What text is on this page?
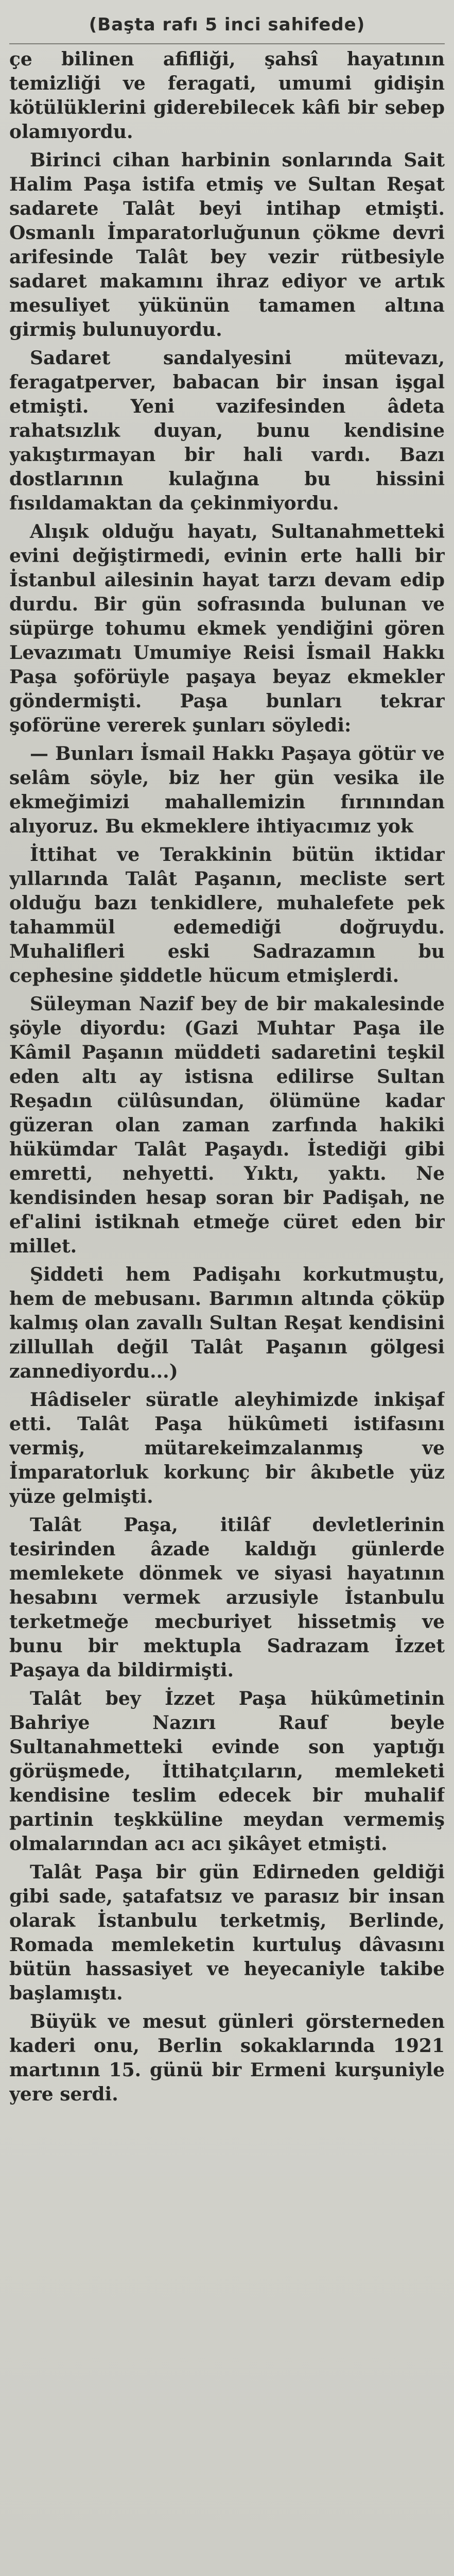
(Başta rafı 5 inci sahifede)

çe bilinen afifliği, şahsî hayatının temizliği ve feragati, umumi gidişin kötülüklerini giderebilecek kâfi bir sebep olamıyordu.

Birinci cihan harbinin sonlarında Sait Halim Paşa istifa etmiş ve Sultan Reşat sadarete Talât beyi intihap etmişti. Osmanlı İmparatorluğunun çökme devri arifesinde Talât bey vezir rütbesiyle sadaret makamını ihraz ediyor ve artık mesuliyet yükünün tamamen altına girmiş bulunuyordu.

Sadaret sandalyesini mütevazı, feragatperver, babacan bir insan işgal etmişti. Yeni vazifesinden âdeta rahatsızlık duyan, bunu kendisine yakıştırmayan bir hali vardı. Bazı dostlarının kulağına bu hissini fısıldamaktan da çekinmiyordu.

Alışık olduğu hayatı, Sultanahmetteki evini değiştirmedi, evinin erte halli bir İstanbul ailesinin hayat tarzı devam edip durdu. Bir gün sofrasında bulunan ve süpürge tohumu ekmek yendiğini gören Levazımatı Umumiye Reisi İsmail Hakkı Paşa şoförüyle paşaya beyaz ekmekler göndermişti. Paşa bunları tekrar şoförüne vererek şunları söyledi:

— Bunları İsmail Hakkı Paşaya götür ve selâm söyle, biz her gün vesika ile ekmeğimizi mahallemizin fırınından alıyoruz. Bu ekmeklere ihtiyacımız yok

İttihat ve Terakkinin bütün iktidar yıllarında Talât Paşanın, mecliste sert olduğu bazı tenkidlere, muhalefete pek tahammül edemediği doğruydu. Muhalifleri eski Sadrazamın bu cephesine şiddetle hücum etmişlerdi.

Süleyman Nazif bey de bir makalesinde şöyle diyordu: (Gazi Muhtar Paşa ile Kâmil Paşanın müddeti sadaretini teşkil eden altı ay istisna edilirse Sultan Reşadın cülûsundan, ölümüne kadar güzeran olan zaman zarfında hakiki hükümdar Talât Paşaydı. İstediği gibi emretti, nehyetti. Yıktı, yaktı. Ne kendisinden hesap soran bir Padişah, ne ef'alini istiknah etmeğe cüret eden bir millet.

Şiddeti hem Padişahı korkutmuştu, hem de mebusanı. Barımın altında çöküp kalmış olan zavallı Sultan Reşat kendisini zillullah değil Talât Paşanın gölgesi zannediyordu...)

Hâdiseler süratle aleyhimizde inkişaf etti. Talât Paşa hükûmeti istifasını vermiş, mütarekeimzalanmış ve İmparatorluk korkunç bir âkıbetle yüz yüze gelmişti.

Talât Paşa, itilâf devletlerinin tesirinden âzade kaldığı günlerde memlekete dönmek ve siyasi hayatının hesabını vermek arzusiyle İstanbulu terketmeğe mecburiyet hissetmiş ve bunu bir mektupla Sadrazam İzzet Paşaya da bildirmişti.

Talât bey İzzet Paşa hükûmetinin Bahriye Nazırı Rauf beyle Sultanahmetteki evinde son yaptığı görüşmede, İttihatçıların, memleketi kendisine teslim edecek bir muhalif partinin teşkküline meydan vermemiş olmalarından acı acı şikâyet etmişti.

Talât Paşa bir gün Edirneden geldiği gibi sade, şatafatsız ve parasız bir insan olarak İstanbulu terketmiş, Berlinde, Romada memleketin kurtuluş dâvasını bütün hassasiyet ve heyecaniyle takibe başlamıştı.

Büyük ve mesut günleri görsterneden kaderi onu, Berlin sokaklarında 1921 martının 15. günü bir Ermeni kurşuniyle yere serdi.
